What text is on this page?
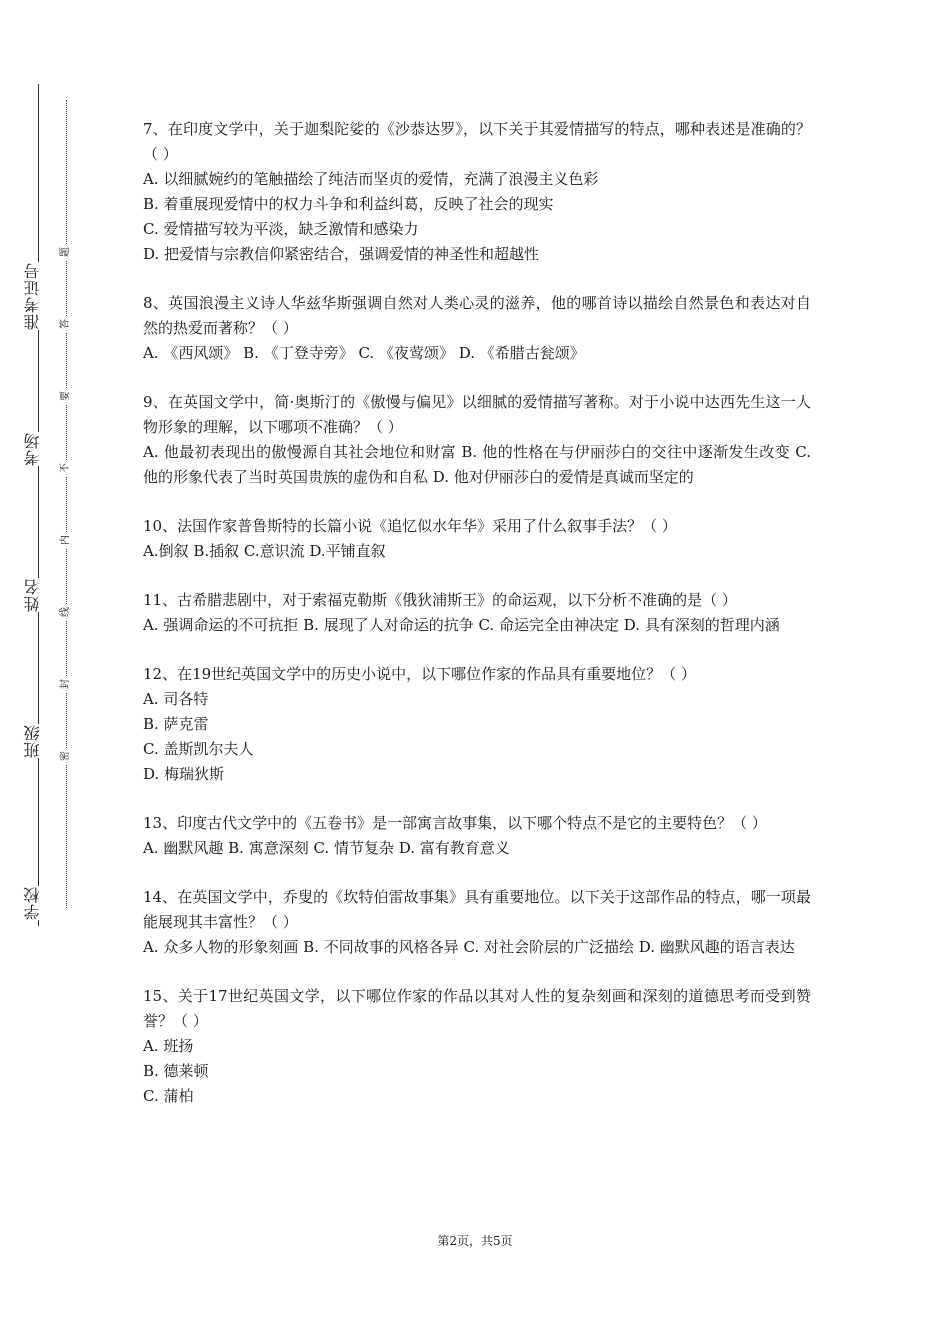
准考证号
考场
姓名
班级
学校
题
答
要
不
内
线
封
密

7、在印度文学中，关于迦梨陀娑的《沙恭达罗》，以下关于其爱情描写的特点，哪种表述是准确的？（ ）

A. 以细腻婉约的笔触描绘了纯洁而坚贞的爱情，充满了浪漫主义色彩

B. 着重展现爱情中的权力斗争和利益纠葛，反映了社会的现实

C. 爱情描写较为平淡，缺乏激情和感染力

D. 把爱情与宗教信仰紧密结合，强调爱情的神圣性和超越性

8、英国浪漫主义诗人华兹华斯强调自然对人类心灵的滋养，他的哪首诗以描绘自然景色和表达对自然的热爱而著称？（ ）

A. 《西风颂》 B. 《丁登寺旁》 C. 《夜莺颂》 D. 《希腊古瓮颂》

9、在英国文学中，简·奥斯汀的《傲慢与偏见》以细腻的爱情描写著称。对于小说中达西先生这一人物形象的理解，以下哪项不准确？（ ）

A. 他最初表现出的傲慢源自其社会地位和财富 B. 他的性格在与伊丽莎白的交往中逐渐发生改变 C. 他的形象代表了当时英国贵族的虚伪和自私 D. 他对伊丽莎白的爱情是真诚而坚定的

10、法国作家普鲁斯特的长篇小说《追忆似水年华》采用了什么叙事手法？（ ）

A.倒叙 B.插叙 C.意识流 D.平铺直叙

11、古希腊悲剧中，对于索福克勒斯《俄狄浦斯王》的命运观，以下分析不准确的是（ ）

A. 强调命运的不可抗拒 B. 展现了人对命运的抗争 C. 命运完全由神决定 D. 具有深刻的哲理内涵

12、在19世纪英国文学中的历史小说中，以下哪位作家的作品具有重要地位？（ ）

A. 司各特

B. 萨克雷

C. 盖斯凯尔夫人

D. 梅瑞狄斯

13、印度古代文学中的《五卷书》是一部寓言故事集，以下哪个特点不是它的主要特色？（ ）

A. 幽默风趣 B. 寓意深刻 C. 情节复杂 D. 富有教育意义

14、在英国文学中，乔叟的《坎特伯雷故事集》具有重要地位。以下关于这部作品的特点，哪一项最能展现其丰富性？（ ）

A. 众多人物的形象刻画 B. 不同故事的风格各异 C. 对社会阶层的广泛描绘 D. 幽默风趣的语言表达

15、关于17世纪英国文学，以下哪位作家的作品以其对人性的复杂刻画和深刻的道德思考而受到赞誉？（ ）

A. 班扬

B. 德莱顿

C. 蒲柏

第2页，共5页
